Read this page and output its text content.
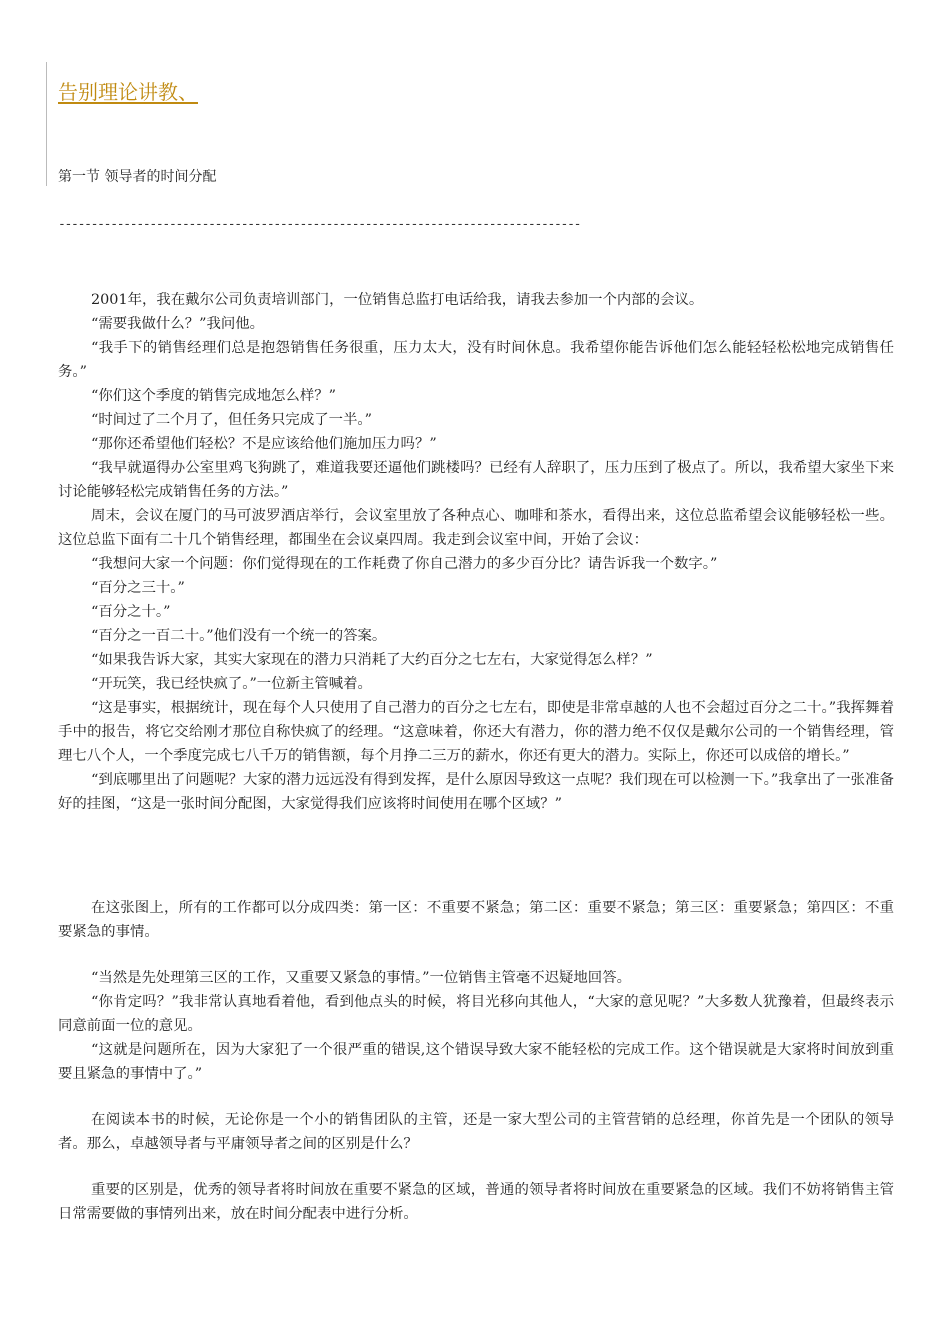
告别理论讲教、
第一节 领导者的时间分配
--------------------------------------------------------------------------------

2001年，我在戴尔公司负责培训部门，一位销售总监打电话给我，请我去参加一个内部的会议。

“需要我做什么？”我问他。

“我手下的销售经理们总是抱怨销售任务很重，压力太大，没有时间休息。我希望你能告诉他们怎么能轻轻松松地完成销售任务。”

“你们这个季度的销售完成地怎么样？”

“时间过了二个月了，但任务只完成了一半。”

“那你还希望他们轻松？不是应该给他们施加压力吗？”

“我早就逼得办公室里鸡飞狗跳了，难道我要还逼他们跳楼吗？已经有人辞职了，压力压到了极点了。所以，我希望大家坐下来讨论能够轻松完成销售任务的方法。”

周末，会议在厦门的马可波罗酒店举行，会议室里放了各种点心、咖啡和茶水，看得出来，这位总监希望会议能够轻松一些。这位总监下面有二十几个销售经理，都围坐在会议桌四周。我走到会议室中间，开始了会议：

“我想问大家一个问题：你们觉得现在的工作耗费了你自己潜力的多少百分比？请告诉我一个数字。”

“百分之三十。”

“百分之十。”

“百分之一百二十。”他们没有一个统一的答案。

“如果我告诉大家，其实大家现在的潜力只消耗了大约百分之七左右，大家觉得怎么样？”

“开玩笑，我已经快疯了。”一位新主管喊着。

“这是事实，根据统计，现在每个人只使用了自己潜力的百分之七左右，即使是非常卓越的人也不会超过百分之二十。”我挥舞着手中的报告，将它交给刚才那位自称快疯了的经理。“这意味着，你还大有潜力，你的潜力绝不仅仅是戴尔公司的一个销售经理，管理七八个人，一个季度完成七八千万的销售额，每个月挣二三万的薪水，你还有更大的潜力。实际上，你还可以成倍的增长。”

“到底哪里出了问题呢？大家的潜力远远没有得到发挥，是什么原因导致这一点呢？我们现在可以检测一下。”我拿出了一张准备好的挂图，“这是一张时间分配图，大家觉得我们应该将时间使用在哪个区域？”

在这张图上，所有的工作都可以分成四类：第一区：不重要不紧急；第二区：重要不紧急；第三区：重要紧急；第四区：不重要紧急的事情。

“当然是先处理第三区的工作，又重要又紧急的事情。”一位销售主管毫不迟疑地回答。

“你肯定吗？”我非常认真地看着他，看到他点头的时候，将目光移向其他人，“大家的意见呢？”大多数人犹豫着，但最终表示同意前面一位的意见。

“这就是问题所在，因为大家犯了一个很严重的错误,这个错误导致大家不能轻松的完成工作。这个错误就是大家将时间放到重要且紧急的事情中了。”

在阅读本书的时候，无论你是一个小的销售团队的主管，还是一家大型公司的主管营销的总经理，你首先是一个团队的领导者。那么，卓越领导者与平庸领导者之间的区别是什么？

重要的区别是，优秀的领导者将时间放在重要不紧急的区域，普通的领导者将时间放在重要紧急的区域。我们不妨将销售主管日常需要做的事情列出来，放在时间分配表中进行分析。
